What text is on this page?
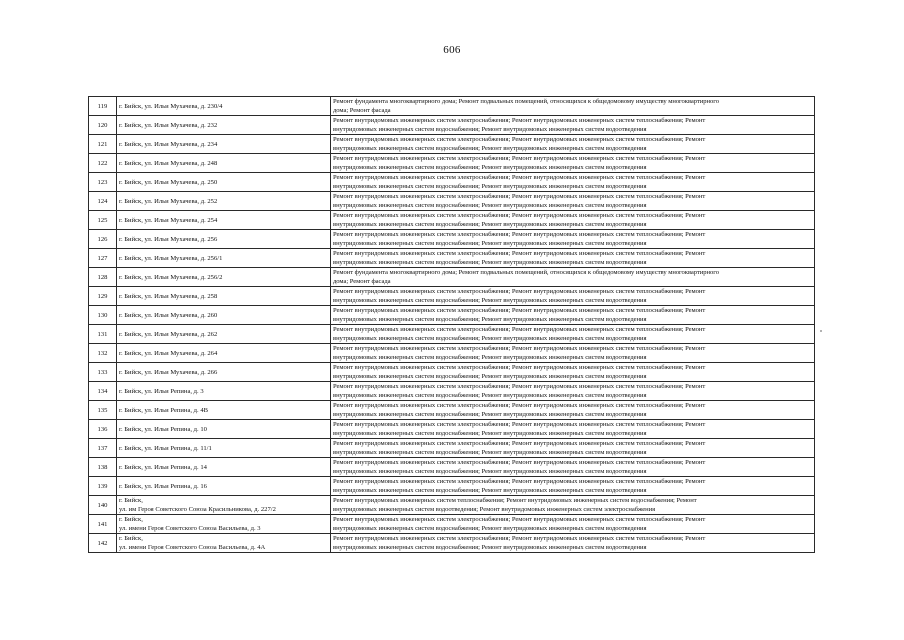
606
119	г. Бийск, ул. Ильи Мухачева, д. 230/4	Ремонт фундамента многоквартирного дома; Ремонт подвальных помещений, относящихся к общедомовому имуществу многоквартирного
дома; Ремонт фасада

120	г. Бийск, ул. Ильи Мухачева, д. 232	Ремонт внутридомовых инженерных систем электроснабжения; Ремонт внутридомовых инженерных систем теплоснабжения; Ремонт
внутридомовых инженерных систем водоснабжения; Ремонт внутридомовых инженерных систем водоотведения

121	г. Бийск, ул. Ильи Мухачева, д. 234	Ремонт внутридомовых инженерных систем электроснабжения; Ремонт внутридомовых инженерных систем теплоснабжения; Ремонт
внутридомовых инженерных систем водоснабжения; Ремонт внутридомовых инженерных систем водоотведения

122	г. Бийск, ул. Ильи Мухачева, д. 248	Ремонт внутридомовых инженерных систем электроснабжения; Ремонт внутридомовых инженерных систем теплоснабжения; Ремонт
внутридомовых инженерных систем водоснабжения; Ремонт внутридомовых инженерных систем водоотведения

123	г. Бийск, ул. Ильи Мухачева, д. 250	Ремонт внутридомовых инженерных систем электроснабжения; Ремонт внутридомовых инженерных систем теплоснабжения; Ремонт
внутридомовых инженерных систем водоснабжения; Ремонт внутридомовых инженерных систем водоотведения

124	г. Бийск, ул. Ильи Мухачева, д. 252	Ремонт внутридомовых инженерных систем электроснабжения; Ремонт внутридомовых инженерных систем теплоснабжения; Ремонт
внутридомовых инженерных систем водоснабжения; Ремонт внутридомовых инженерных систем водоотведения

125	г. Бийск, ул. Ильи Мухачева, д. 254	Ремонт внутридомовых инженерных систем электроснабжения; Ремонт внутридомовых инженерных систем теплоснабжения; Ремонт
внутридомовых инженерных систем водоснабжения; Ремонт внутридомовых инженерных систем водоотведения

126	г. Бийск, ул. Ильи Мухачева, д. 256	Ремонт внутридомовых инженерных систем электроснабжения; Ремонт внутридомовых инженерных систем теплоснабжения; Ремонт
внутридомовых инженерных систем водоснабжения; Ремонт внутридомовых инженерных систем водоотведения

127	г. Бийск, ул. Ильи Мухачева, д. 256/1	Ремонт внутридомовых инженерных систем электроснабжения; Ремонт внутридомовых инженерных систем теплоснабжения; Ремонт
внутридомовых инженерных систем водоснабжения; Ремонт внутридомовых инженерных систем водоотведения

128	г. Бийск, ул. Ильи Мухачева, д. 256/2	Ремонт фундамента многоквартирного дома; Ремонт подвальных помещений, относящихся к общедомовому имуществу многоквартирного
дома; Ремонт фасада

129	г. Бийск, ул. Ильи Мухачева, д. 258	Ремонт внутридомовых инженерных систем электроснабжения; Ремонт внутридомовых инженерных систем теплоснабжения; Ремонт
внутридомовых инженерных систем водоснабжения; Ремонт внутридомовых инженерных систем водоотведения

130	г. Бийск, ул. Ильи Мухачева, д. 260	Ремонт внутридомовых инженерных систем электроснабжения; Ремонт внутридомовых инженерных систем теплоснабжения; Ремонт
внутридомовых инженерных систем водоснабжения; Ремонт внутридомовых инженерных систем водоотведения

131	г. Бийск, ул. Ильи Мухачева, д. 262	Ремонт внутридомовых инженерных систем электроснабжения; Ремонт внутридомовых инженерных систем теплоснабжения; Ремонт
внутридомовых инженерных систем водоснабжения; Ремонт внутридомовых инженерных систем водоотведения

132	г. Бийск, ул. Ильи Мухачева, д. 264	Ремонт внутридомовых инженерных систем электроснабжения; Ремонт внутридомовых инженерных систем теплоснабжения; Ремонт
внутридомовых инженерных систем водоснабжения; Ремонт внутридомовых инженерных систем водоотведения

133	г. Бийск, ул. Ильи Мухачева, д. 266	Ремонт внутридомовых инженерных систем электроснабжения; Ремонт внутридомовых инженерных систем теплоснабжения; Ремонт
внутридомовых инженерных систем водоснабжения; Ремонт внутридомовых инженерных систем водоотведения

134	г. Бийск, ул. Ильи Репина, д. 3	Ремонт внутридомовых инженерных систем электроснабжения; Ремонт внутридомовых инженерных систем теплоснабжения; Ремонт
внутридомовых инженерных систем водоснабжения; Ремонт внутридомовых инженерных систем водоотведения

135	г. Бийск, ул. Ильи Репина, д. 4В	Ремонт внутридомовых инженерных систем электроснабжения; Ремонт внутридомовых инженерных систем теплоснабжения; Ремонт
внутридомовых инженерных систем водоснабжения; Ремонт внутридомовых инженерных систем водоотведения

136	г. Бийск, ул. Ильи Репина, д. 10	Ремонт внутридомовых инженерных систем электроснабжения; Ремонт внутридомовых инженерных систем теплоснабжения; Ремонт
внутридомовых инженерных систем водоснабжения; Ремонт внутридомовых инженерных систем водоотведения

137	г. Бийск, ул. Ильи Репина, д. 11/1	Ремонт внутридомовых инженерных систем электроснабжения; Ремонт внутридомовых инженерных систем теплоснабжения; Ремонт
внутридомовых инженерных систем водоснабжения; Ремонт внутридомовых инженерных систем водоотведения

138	г. Бийск, ул. Ильи Репина, д. 14	Ремонт внутридомовых инженерных систем электроснабжения; Ремонт внутридомовых инженерных систем теплоснабжения; Ремонт
внутридомовых инженерных систем водоснабжения; Ремонт внутридомовых инженерных систем водоотведения

139	г. Бийск, ул. Ильи Репина, д. 16	Ремонт внутридомовых инженерных систем электроснабжения; Ремонт внутридомовых инженерных систем теплоснабжения; Ремонт
внутридомовых инженерных систем водоснабжения; Ремонт внутридомовых инженерных систем водоотведения

140	г. Бийск,
ул. им Героя Советского Союза Красильникова, д. 227/2	Ремонт внутридомовых инженерных систем теплоснабжения; Ремонт внутридомовых инженерных систем водоснабжения; Ремонт
внутридомовых инженерных систем водоотведения; Ремонт внутридомовых инженерных систем электроснабжения

141	г. Бийск,
ул. имени Героя Советского Союза Васильева, д. 3	Ремонт внутридомовых инженерных систем электроснабжения; Ремонт внутридомовых инженерных систем теплоснабжения; Ремонт
внутридомовых инженерных систем водоснабжения; Ремонт внутридомовых инженерных систем водоотведения

142	г. Бийск,
ул. имени Героя Советского Союза Васильева, д. 4А	Ремонт внутридомовых инженерных систем электроснабжения; Ремонт внутридомовых инженерных систем теплоснабжения; Ремонт
внутридомовых инженерных систем водоснабжения; Ремонт внутридомовых инженерных систем водоотведения
